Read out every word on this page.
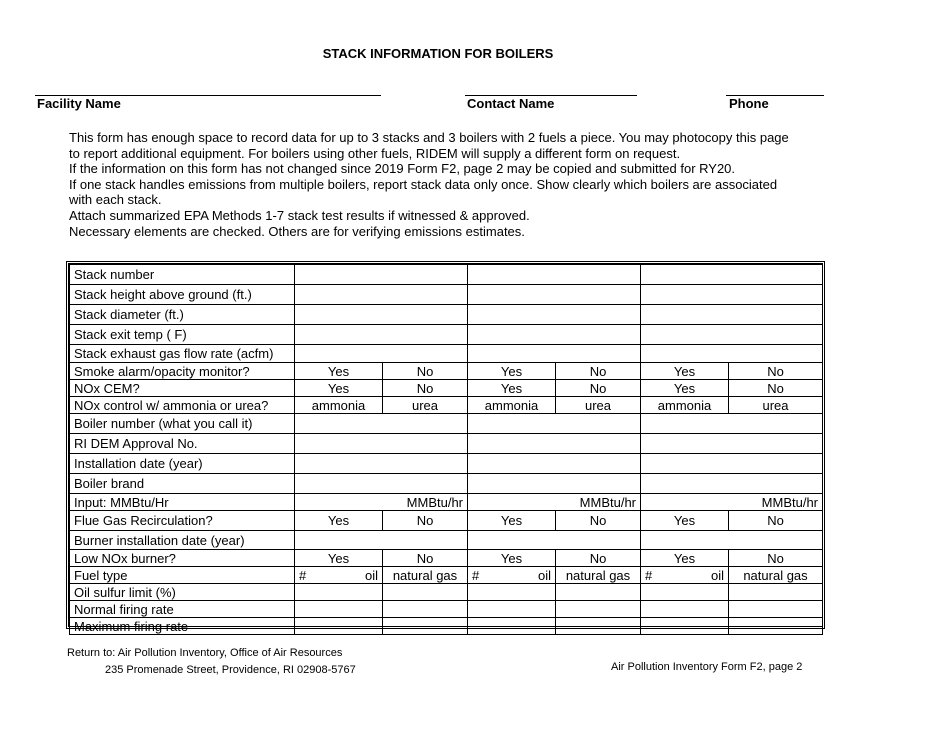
STACK INFORMATION FOR BOILERS
Facility Name	Contact Name	Phone

This form has enough space to record data for up to 3 stacks and 3 boilers with 2 fuels a piece. You may photocopy this page to report additional equipment. For boilers using other fuels, RIDEM will supply a different form on request.

If the information on this form has not changed since 2019 Form F2, page 2 may be copied and submitted for RY20.

If one stack handles emissions from multiple boilers, report stack data only once. Show clearly which boilers are associated with each stack.

Attach summarized EPA Methods 1-7 stack test results if witnessed & approved.

Necessary elements are checked. Others are for verifying emissions estimates.

Stack number						
Stack height above ground (ft.)						
Stack diameter (ft.)						
Stack exit temp ( F)						
Stack exhaust gas flow rate (acfm)						
Smoke alarm/opacity monitor?	Yes	No	Yes	No	Yes	No
NOx CEM?	Yes	No	Yes	No	Yes	No
NOx control w/ ammonia or urea?	ammonia	urea	ammonia	urea	ammonia	urea
Boiler number (what you call it)						
RI DEM Approval No.						
Installation date (year)						
Boiler brand						
Input: MMBtu/Hr	MMBtu/hr		MMBtu/hr		MMBtu/hr	
Flue Gas Recirculation?	Yes	No	Yes	No	Yes	No
Burner installation date (year)						
Low NOx burner?	Yes	No	Yes	No	Yes	No
Fuel type	# oil	natural gas	# oil	natural gas	# oil	natural gas
Oil sulfur limit (%)						
Normal firing rate						
Maximum firing rate						
Return to: Air Pollution Inventory, Office of Air Resources
235 Promenade Street, Providence, RI 02908-5767	Air Pollution Inventory Form F2, page 2
